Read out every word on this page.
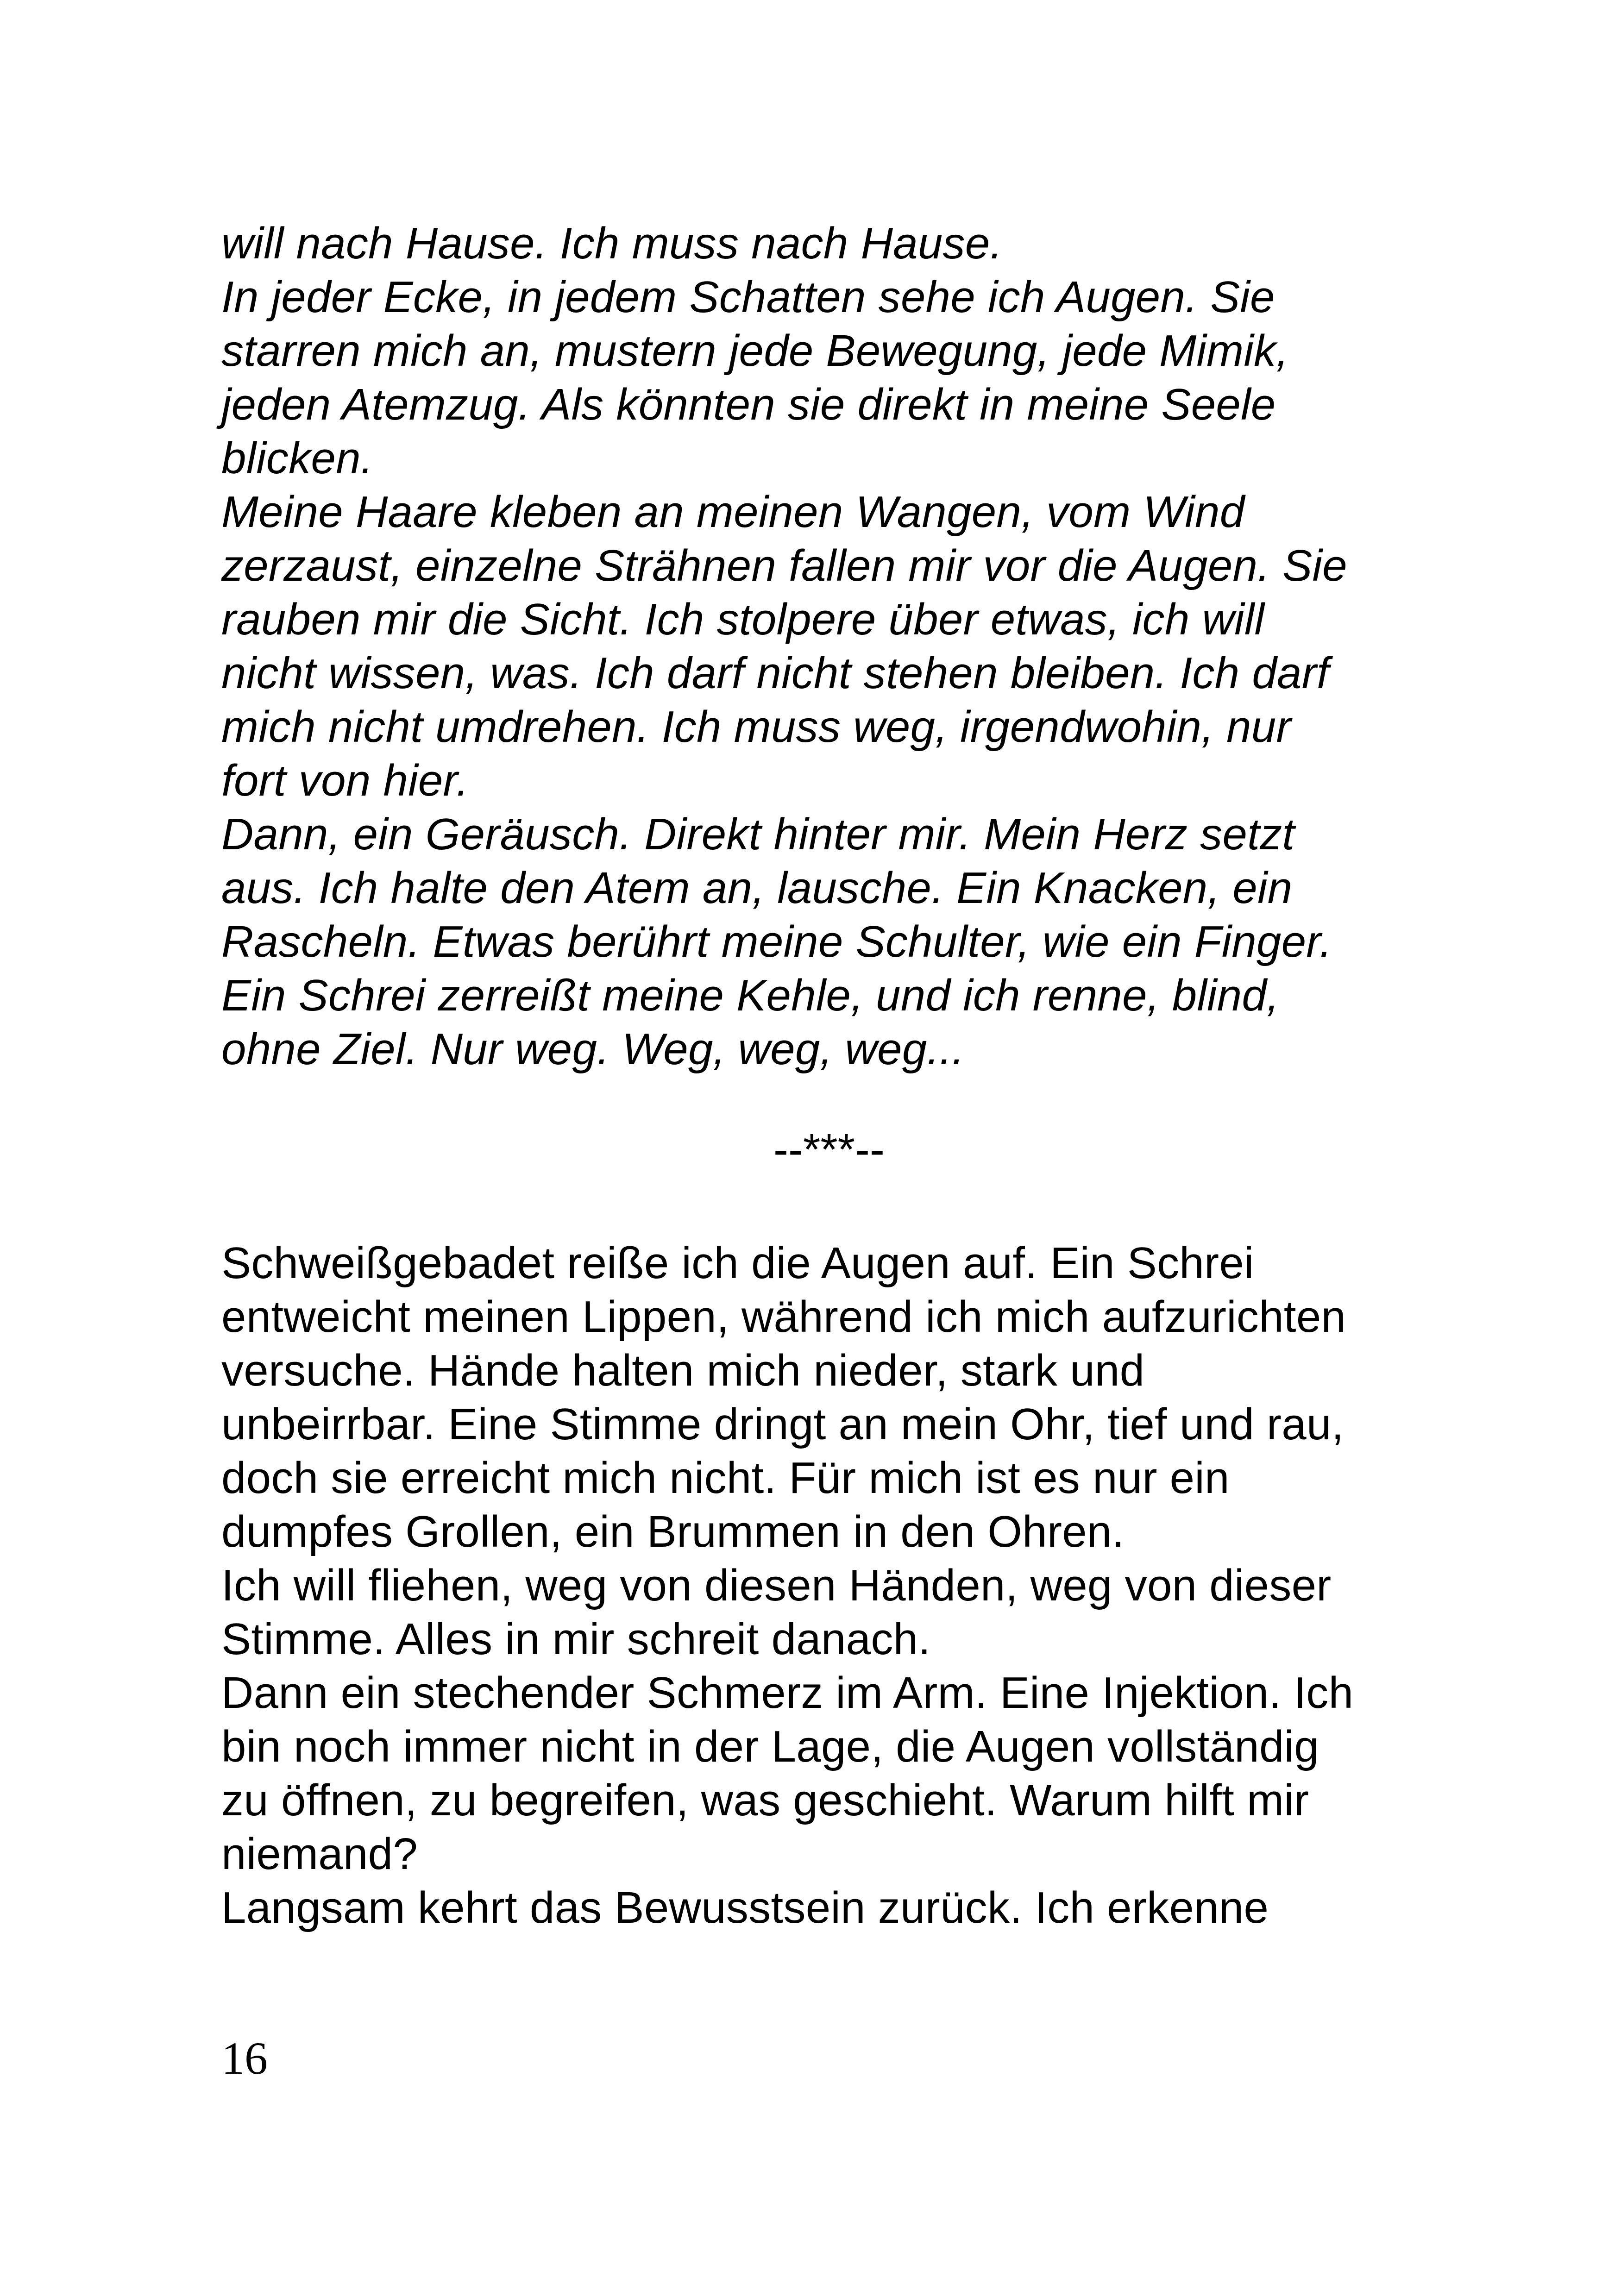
will nach Hause. Ich muss nach Hause.
In jeder Ecke, in jedem Schatten sehe ich Augen. Sie
starren mich an, mustern jede Bewegung, jede Mimik,
jeden Atemzug. Als könnten sie direkt in meine Seele
blicken.
Meine Haare kleben an meinen Wangen, vom Wind
zerzaust, einzelne Strähnen fallen mir vor die Augen. Sie
rauben mir die Sicht. Ich stolpere über etwas, ich will
nicht wissen, was. Ich darf nicht stehen bleiben. Ich darf
mich nicht umdrehen. Ich muss weg, irgendwohin, nur
fort von hier.
Dann, ein Geräusch. Direkt hinter mir. Mein Herz setzt
aus. Ich halte den Atem an, lausche. Ein Knacken, ein
Rascheln. Etwas berührt meine Schulter, wie ein Finger.
Ein Schrei zerreißt meine Kehle, und ich renne, blind,
ohne Ziel. Nur weg. Weg, weg, weg...
--***--
Schweißgebadet reiße ich die Augen auf. Ein Schrei
entweicht meinen Lippen, während ich mich aufzurichten
versuche. Hände halten mich nieder, stark und
unbeirrbar. Eine Stimme dringt an mein Ohr, tief und rau,
doch sie erreicht mich nicht. Für mich ist es nur ein
dumpfes Grollen, ein Brummen in den Ohren.
Ich will fliehen, weg von diesen Händen, weg von dieser
Stimme. Alles in mir schreit danach.
Dann ein stechender Schmerz im Arm. Eine Injektion. Ich
bin noch immer nicht in der Lage, die Augen vollständig
zu öffnen, zu begreifen, was geschieht. Warum hilft mir
niemand?
Langsam kehrt das Bewusstsein zurück. Ich erkenne
16
